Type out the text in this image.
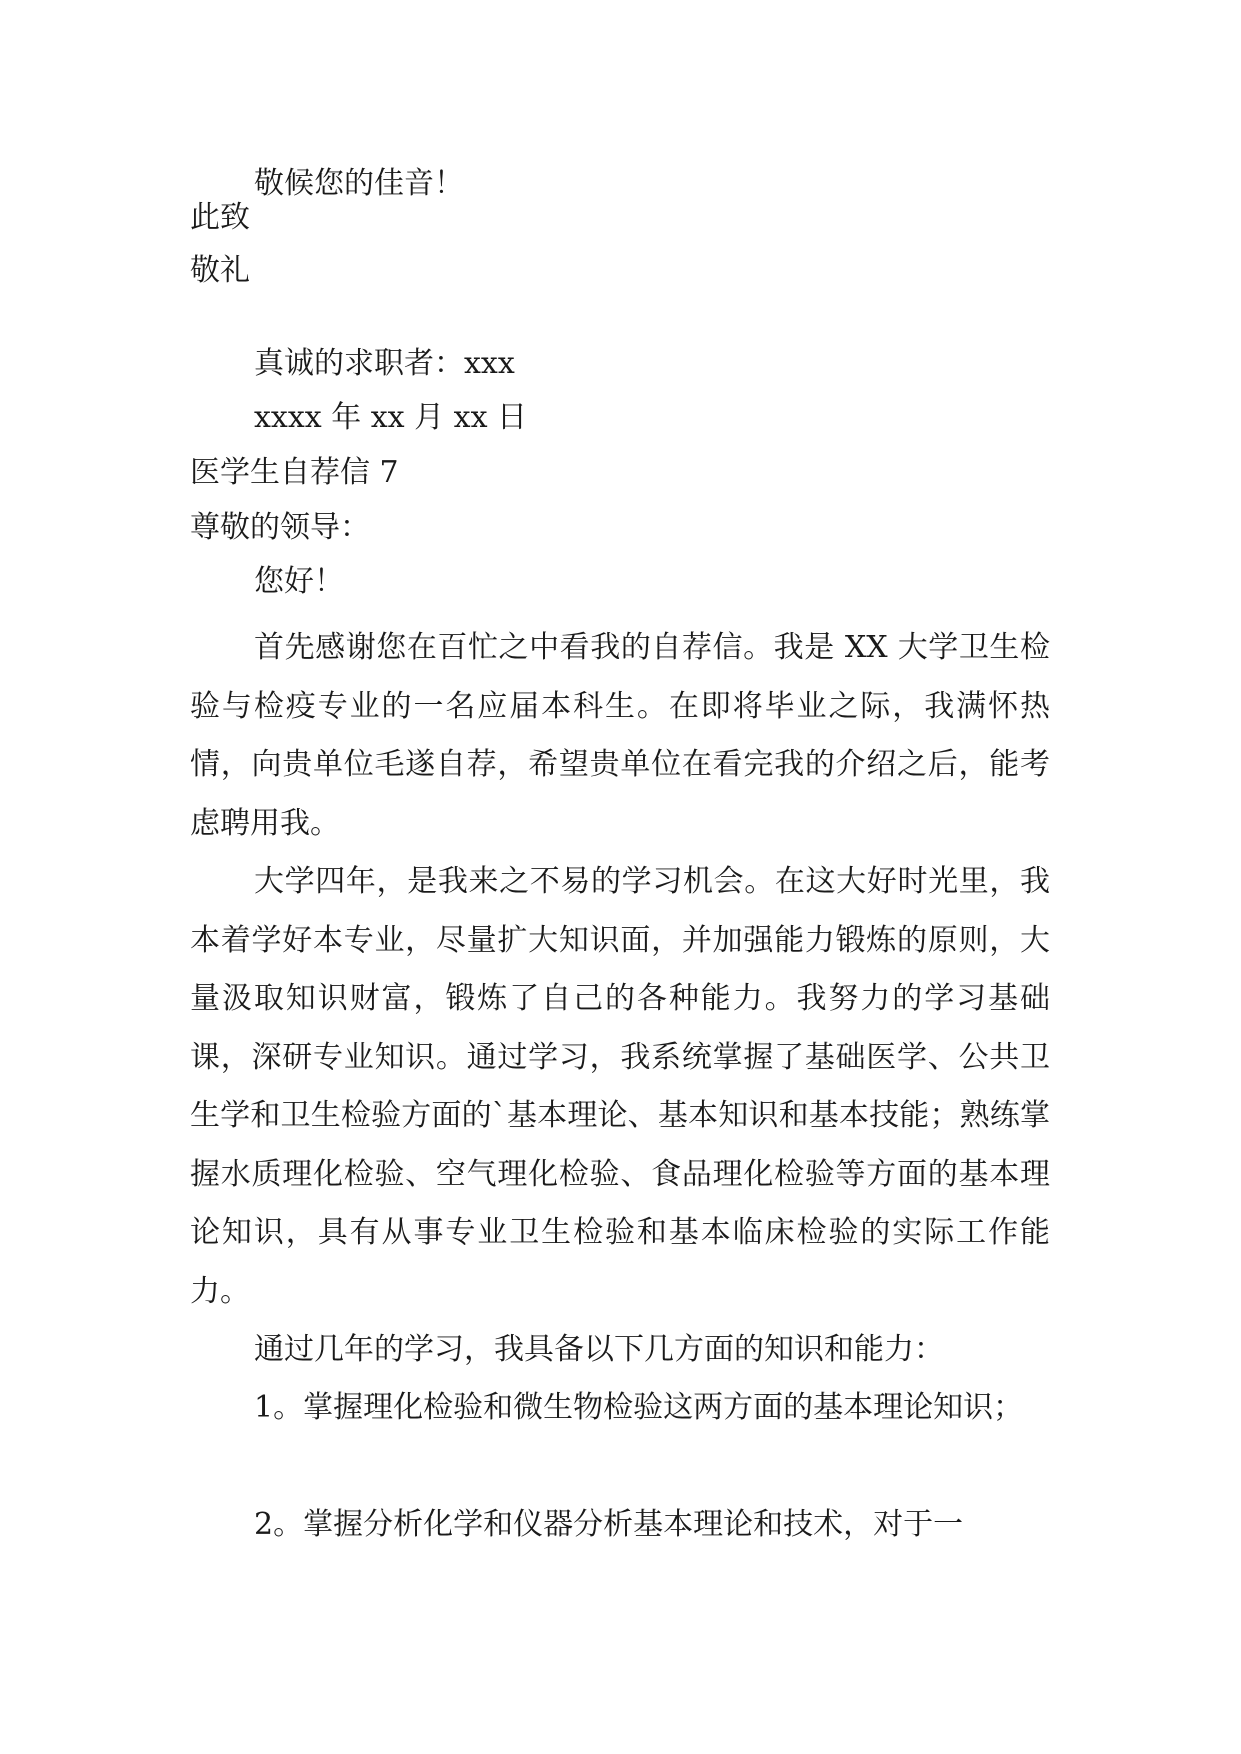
敬候您的佳音！

此致

敬礼

真诚的求职者：xxx

xxxx 年 xx 月 xx 日

医学生自荐信 7

尊敬的领导：

您好！

首先感谢您在百忙之中看我的自荐信。我是 XX 大学卫生检验与检疫专业的一名应届本科生。在即将毕业之际，我满怀热情，向贵单位毛遂自荐，希望贵单位在看完我的介绍之后，能考虑聘用我。

大学四年，是我来之不易的学习机会。在这大好时光里，我本着学好本专业，尽量扩大知识面，并加强能力锻炼的原则，大量汲取知识财富，锻炼了自己的各种能力。我努力的学习基础课，深研专业知识。通过学习，我系统掌握了基础医学、公共卫生学和卫生检验方面的`基本理论、基本知识和基本技能；熟练掌握水质理化检验、空气理化检验、食品理化检验等方面的基本理论知识，具有从事专业卫生检验和基本临床检验的实际工作能力。

通过几年的学习，我具备以下几方面的知识和能力：

1。掌握理化检验和微生物检验这两方面的基本理论知识；

2。掌握分析化学和仪器分析基本理论和技术，对于一
